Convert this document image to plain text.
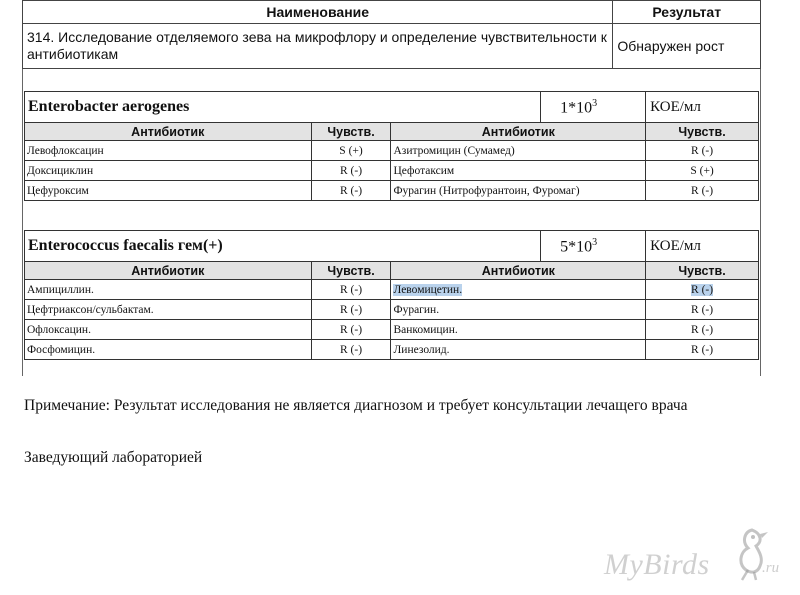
Наименование	Результат
314. Исследование отделяемого зева на микрофлору и определение чувствительности к антибиотикам	Обнаружен рост
Enterobacter aerogenes $1*10^3$			КОЕ/мл
Антибиотик	Чувств.	Антибиотик	Чувств.
Левофлоксацин	S (+)	Азитромицин (Сумамед)	R (-)
Доксициклин	R (-)	Цефотаксим	S (+)
Цефуроксим	R (-)	Фурагин (Нитрофурантоин, Фуромаг)	R (-)
Enterococcus faecalis гем(+) $5*10^3$			КОЕ/мл
Антибиотик	Чувств.	Антибиотик	Чувств.
Ампициллин.	R (-)	Левомицетин.	R (-)
Цефтриаксон/сульбактам.	R (-)	Фурагин.	R (-)
Офлоксацин.	R (-)	Ванкомицин.	R (-)
Фосфомицин.	R (-)	Линезолид.	R (-)
Примечание: Результат исследования не является диагнозом и требует консультации лечащего врача
Заведующий лабораторией
MyBirds	.ru
